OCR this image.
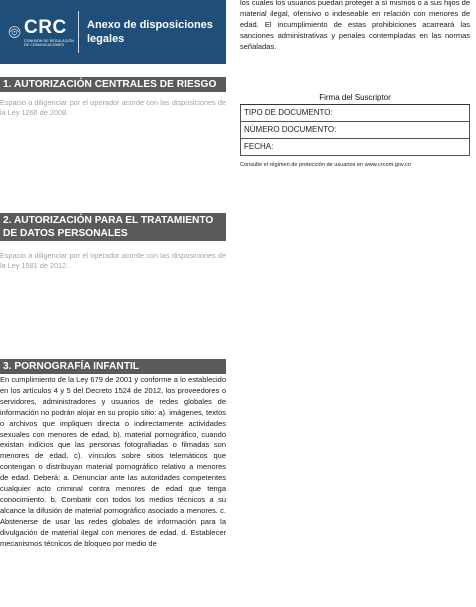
CRC
COMISIÓN DE REGULACIÓN DE COMUNICACIONES
Anexo de disposiciones
legales
1. AUTORIZACIÓN CENTRALES DE RIESGO

Espacio a diligenciar por el operador acorde con las disposiciones de la Ley 1266 de 2008.

2. AUTORIZACIÓN PARA EL TRATAMIENTO DE DATOS PERSONALES

Espacio a diligenciar por el operador acorde con las disposiciones de la Ley 1581 de 2012.

3. PORNOGRAFÍA INFANTIL

En cumplimiento de la Ley 679 de 2001 y conforme a lo establecido en los artículos 4 y 5 del Decreto 1524 de 2012, los proveedores o servidores, administradores y usuarios de redes globales de información no podrán alojar en su propio sitio: a). imágenes, textos o archivos que impliquen directa o indirectamente actividades sexuales con menores de edad, b). material pornográfico, cuando existan indicios que las personas fotografiadas o filmadas son menores de edad, c). vínculos sobre sitios telemáticos que contengan o distribuyan material pornográfico relativo a menores de edad. Deberá: a. Denunciar ante las autoridades competentes cualquier acto criminal contra menores de edad que tenga conocimiento. b. Combatir con todos los medios técnicos a su alcance la difusión de material pornográfico asociado a menores. c. Abstenerse de usar las redes globales de información para la divulgación de material ilegal con menores de edad. d. Establecer mecanismos técnicos de bloqueo por medio de

los cuales los usuarios puedan proteger a sí mismos o a sus hijos de material ilegal, ofensivo o indeseable en relación con menores de edad. El incumplimiento de estas prohibiciones acarreará las sanciones administrativas y penales contempladas en las normas señaladas.

Firma del Suscriptor
TIPO DE DOCUMENTO:
NÚMERO DOCUMENTO:
FECHA:
Consulte el régimen de protección de usuarios en www.crcom.gov.co
